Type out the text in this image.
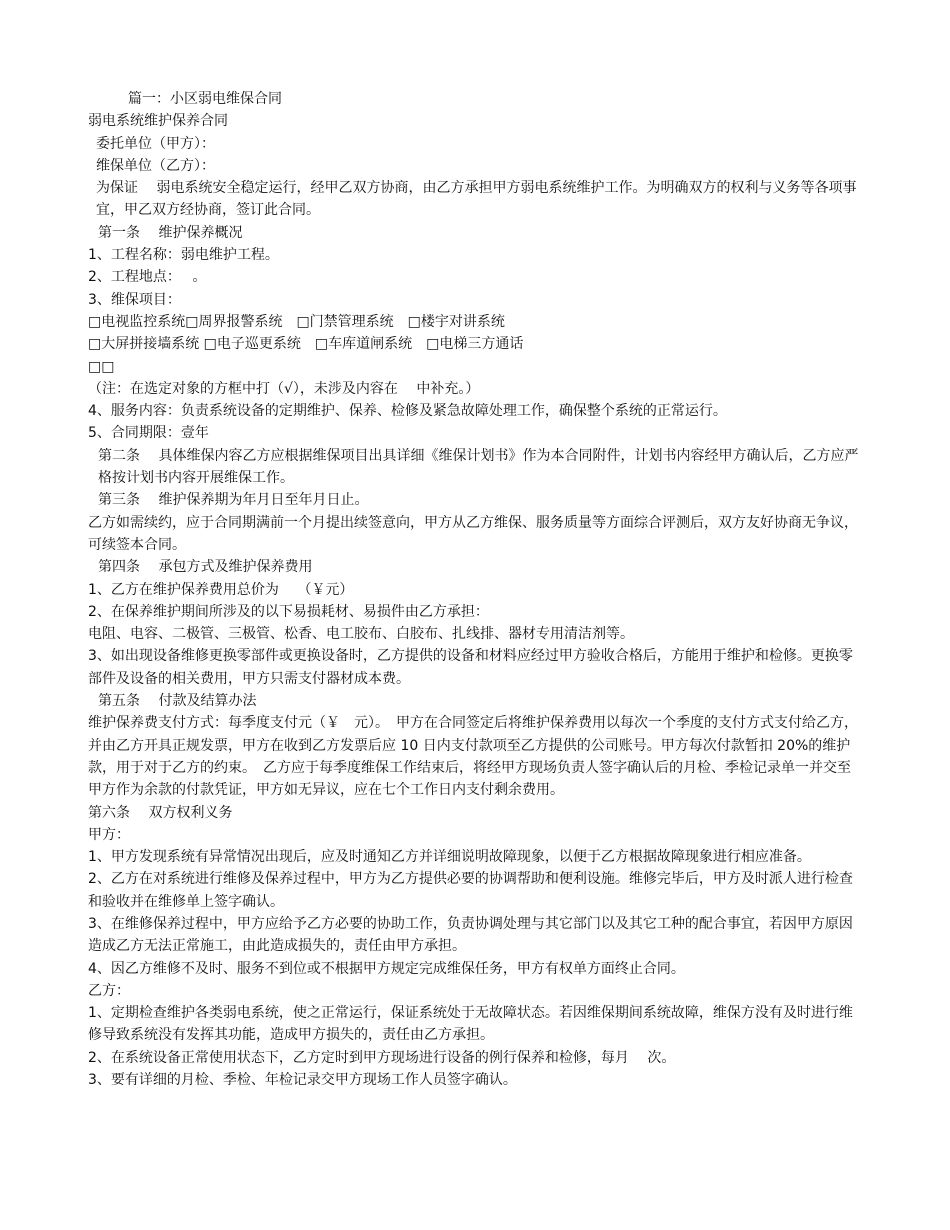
篇一：小区弱电维保合同

弱电系统维护保养合同

委托单位（甲方）：

维保单位（乙方）：

为保证　 弱电系统安全稳定运行，经甲乙双方协商，由乙方承担甲方弱电系统维护工作。为明确双方的权利与义务等各项事宜，甲乙双方经协商，签订此合同。

第一条　 维护保养概况

1、工程名称：弱电维护工程。

2、工程地点：　 。

3、维保项目：

□电视监控系统□周界报警系统　□门禁管理系统　□楼宇对讲系统

□大屏拼接墙系统 □电子巡更系统　□车库道闸系统　□电梯三方通话

□□

（注：在选定对象的方框中打（√），未涉及内容在　 中补充。）

4、服务内容：负责系统设备的定期维护、保养、检修及紧急故障处理工作，确保整个系统的正常运行。

5、合同期限：壹年

第二条　 具体维保内容乙方应根据维保项目出具详细《维保计划书》作为本合同附件，计划书内容经甲方确认后，乙方应严格按计划书内容开展维保工作。

第三条　 维护保养期为年月日至年月日止。

乙方如需续约，应于合同期满前一个月提出续签意向，甲方从乙方维保、服务质量等方面综合评测后，双方友好协商无争议，可续签本合同。

第四条　 承包方式及维护保养费用

1、乙方在维护保养费用总价为　 （￥元）

2、在保养维护期间所涉及的以下易损耗材、易损件由乙方承担：

电阻、电容、二极管、三极管、松香、电工胶布、白胶布、扎线排、器材专用清洁剂等。

3、如出现设备维修更换零部件或更换设备时，乙方提供的设备和材料应经过甲方验收合格后，方能用于维护和检修。更换零部件及设备的相关费用，甲方只需支付器材成本费。

第五条　 付款及结算办法

维护保养费支付方式：每季度支付元（￥　元）。　甲方在合同签定后将维护保养费用以每次一个季度的支付方式支付给乙方，并由乙方开具正规发票，甲方在收到乙方发票后应 10 日内支付款项至乙方提供的公司账号。甲方每次付款暂扣 20%的维护款，用于对于乙方的约束。　乙方应于每季度维保工作结束后，将经甲方现场负责人签字确认后的月检、季检记录单一并交至甲方作为余款的付款凭证，甲方如无异议，应在七个工作日内支付剩余费用。

第六条　 双方权利义务

甲方：

1、甲方发现系统有异常情况出现后，应及时通知乙方并详细说明故障现象，以便于乙方根据故障现象进行相应准备。

2、乙方在对系统进行维修及保养过程中，甲方为乙方提供必要的协调帮助和便利设施。维修完毕后，甲方及时派人进行检查和验收并在维修单上签字确认。

3、在维修保养过程中，甲方应给予乙方必要的协助工作，负责协调处理与其它部门以及其它工种的配合事宜，若因甲方原因造成乙方无法正常施工，由此造成损失的，责任由甲方承担。

4、因乙方维修不及时、服务不到位或不根据甲方规定完成维保任务，甲方有权单方面终止合同。

乙方：

1、定期检查维护各类弱电系统，使之正常运行，保证系统处于无故障状态。若因维保期间系统故障，维保方没有及时进行维修导致系统没有发挥其功能，造成甲方损失的，责任由乙方承担。

2、在系统设备正常使用状态下，乙方定时到甲方现场进行设备的例行保养和检修，每月　 次。

3、要有详细的月检、季检、年检记录交甲方现场工作人员签字确认。
